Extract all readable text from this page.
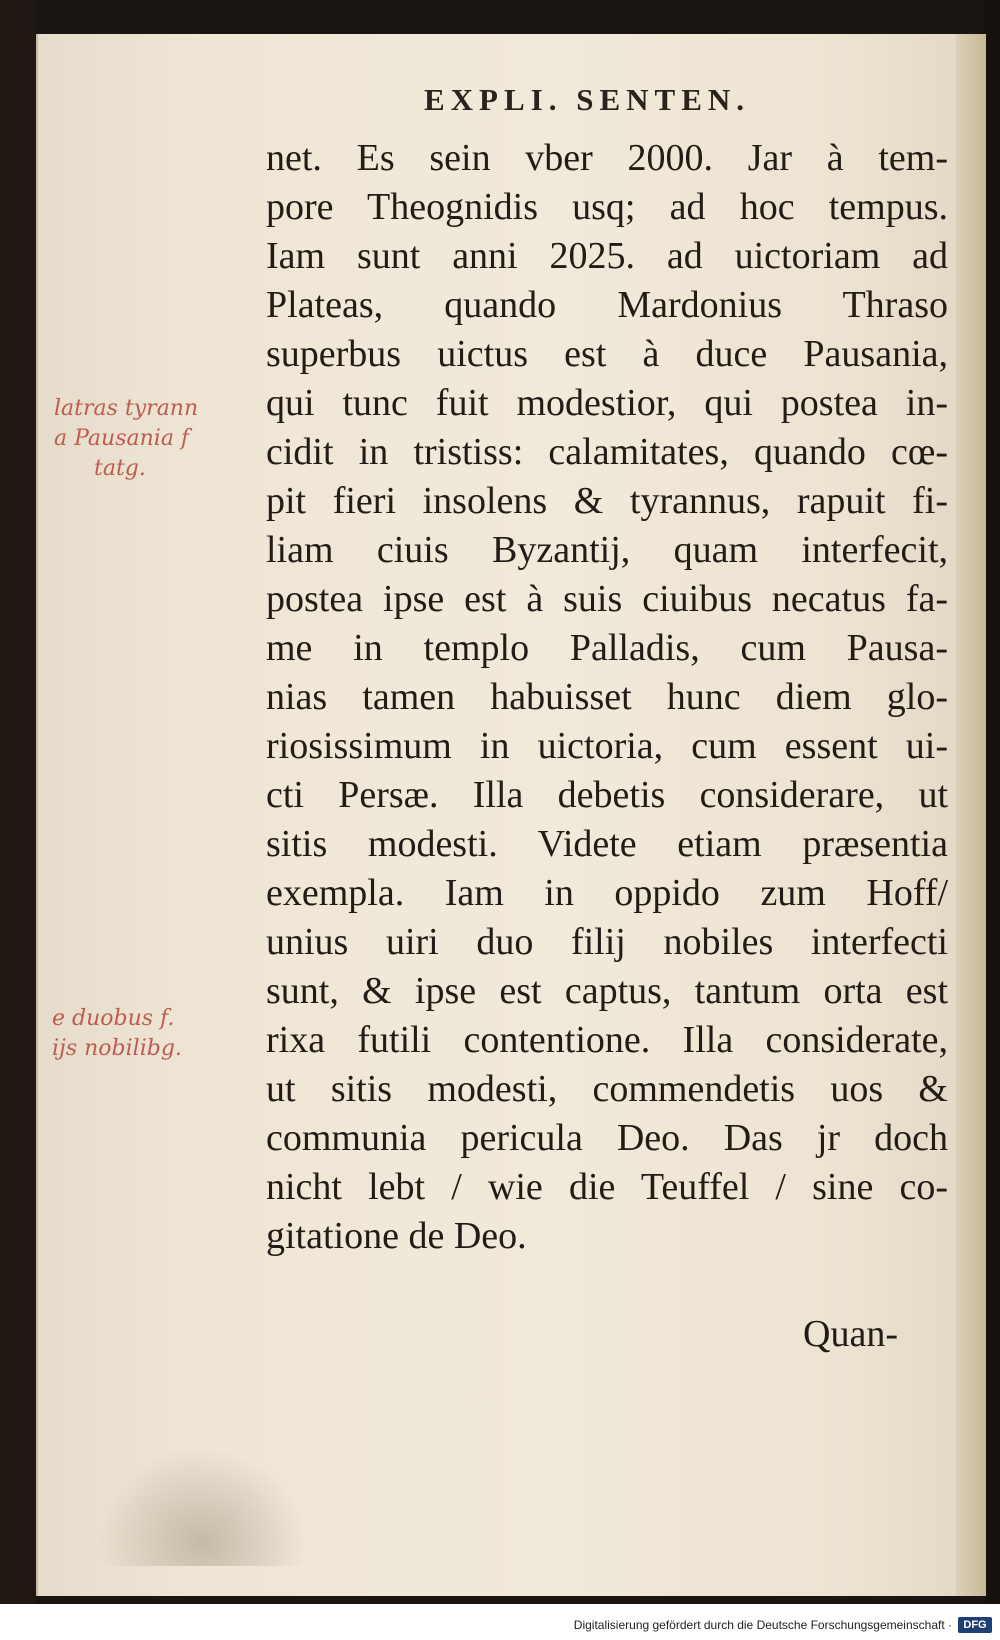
EXPLI. SENTEN.
net. Es sein vber 2000. Jar à tem-
pore Theognidis usq; ad hoc tempus.
Iam sunt anni 2025. ad uictoriam ad
Plateas, quando Mardonius Thraso
superbus uictus est à duce Pausania,
qui tunc fuit modestior, qui postea in-
cidit in tristiss: calamitates, quando cœ-
pit fieri insolens & tyrannus, rapuit fi-
liam ciuis Byzantij, quam interfecit,
postea ipse est à suis ciuibus necatus fa-
me in templo Palladis, cum Pausa-
nias tamen habuisset hunc diem glo-
riosissimum in uictoria, cum essent ui-
cti Persæ. Illa debetis considerare, ut
sitis modesti. Videte etiam præsentia
exempla. Iam in oppido zum Hoff/
unius uiri duo filij nobiles interfecti
sunt, & ipse est captus, tantum orta est
rixa futili contentione. Illa considerate,
ut sitis modesti, commendetis uos &
communia pericula Deo. Das jr doch
nicht lebt / wie die Teuffel / sine co-
gitatione de Deo.
Quan-
latras tyrann
a Pausania f
tatg.
e duobus f.
ijs nobilibg.
Digitalisierung gefördert durch die Deutsche Forschungsgemeinschaft ·	DFG
